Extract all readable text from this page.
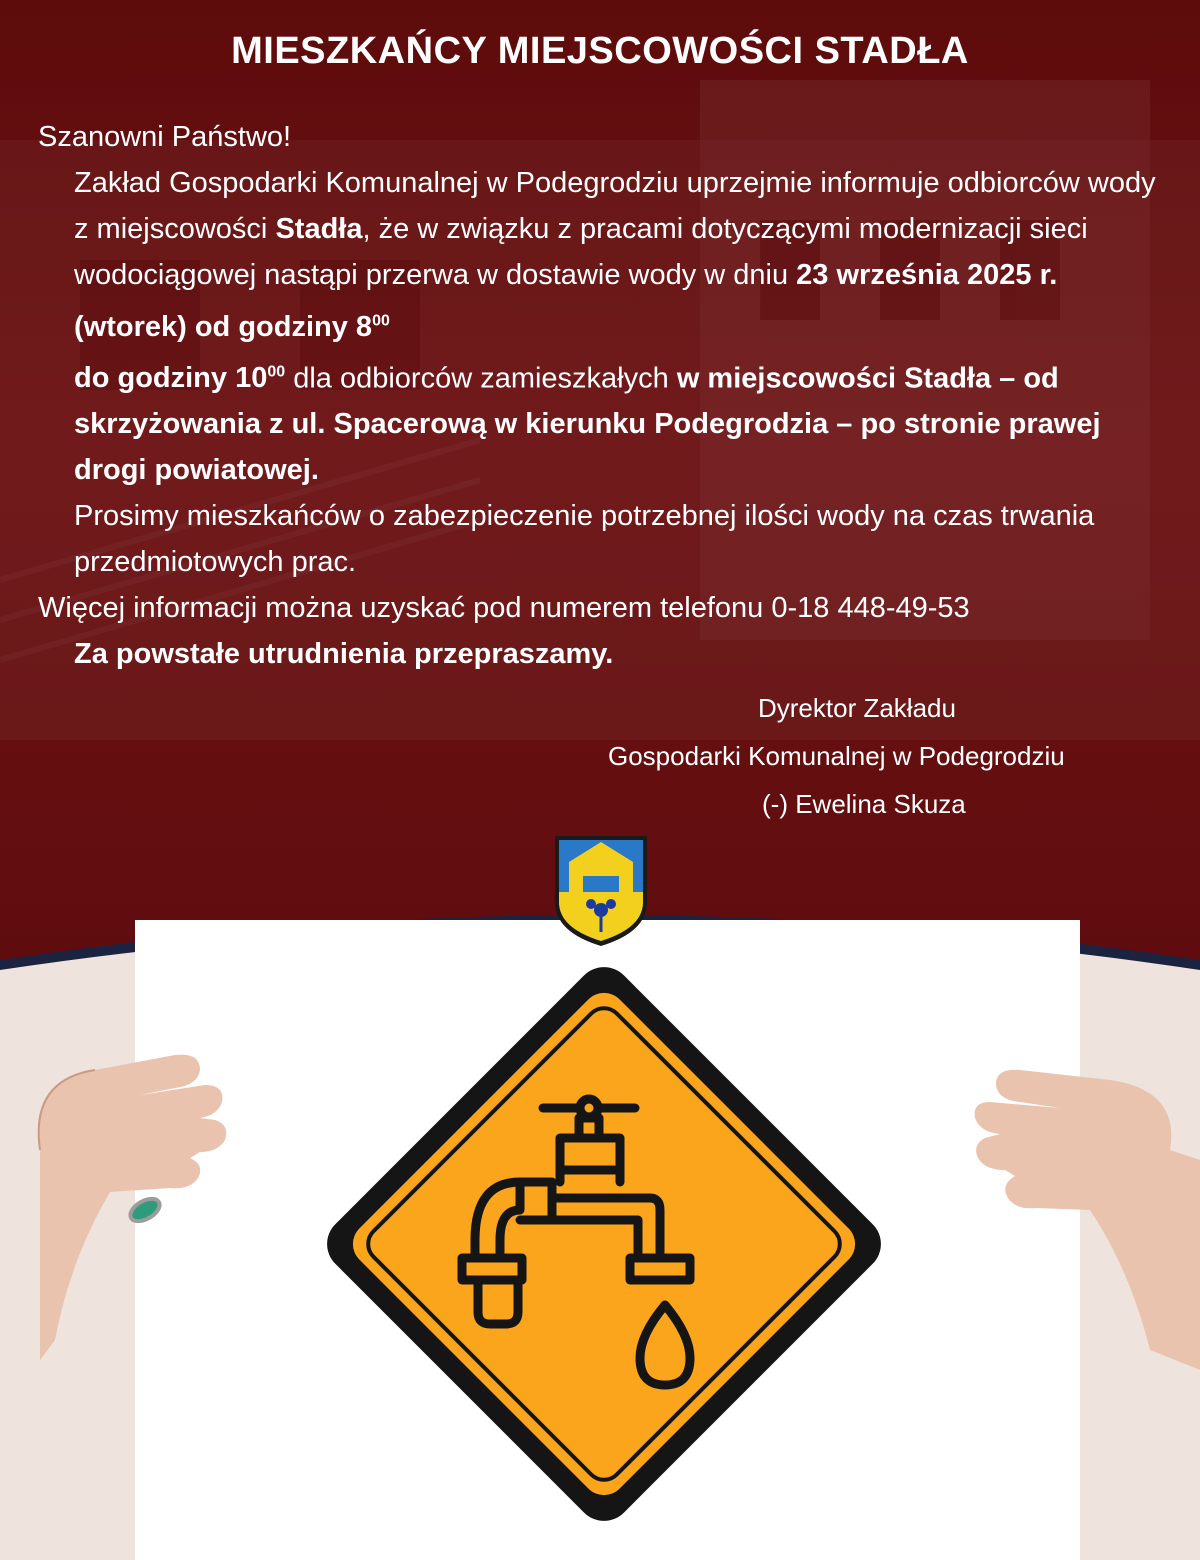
MIESZKAŃCY MIEJSCOWOŚCI STADŁA

Szanowni Państwo!

Zakład Gospodarki Komunalnej w Podegrodziu uprzejmie informuje odbiorców wody z miejscowości Stadła, że w związku z pracami dotyczącymi modernizacji sieci wodociągowej nastąpi przerwa w dostawie wody w dniu 23 września 2025 r. (wtorek) od godziny $8^{00}$
do godziny $10^{00}$ dla odbiorców zamieszkałych w miejscowości Stadła – od skrzyżowania z ul. Spacerową w kierunku Podegrodzia – po stronie prawej drogi powiatowej.

Prosimy mieszkańców o zabezpieczenie potrzebnej ilości wody na czas trwania przedmiotowych prac.

Więcej informacji można uzyskać pod numerem telefonu 0-18 448-49-53

Za powstałe utrudnienia przepraszamy.

Dyrektor Zakładu
Gospodarki Komunalnej w Podegrodziu
(-) Ewelina Skuza
